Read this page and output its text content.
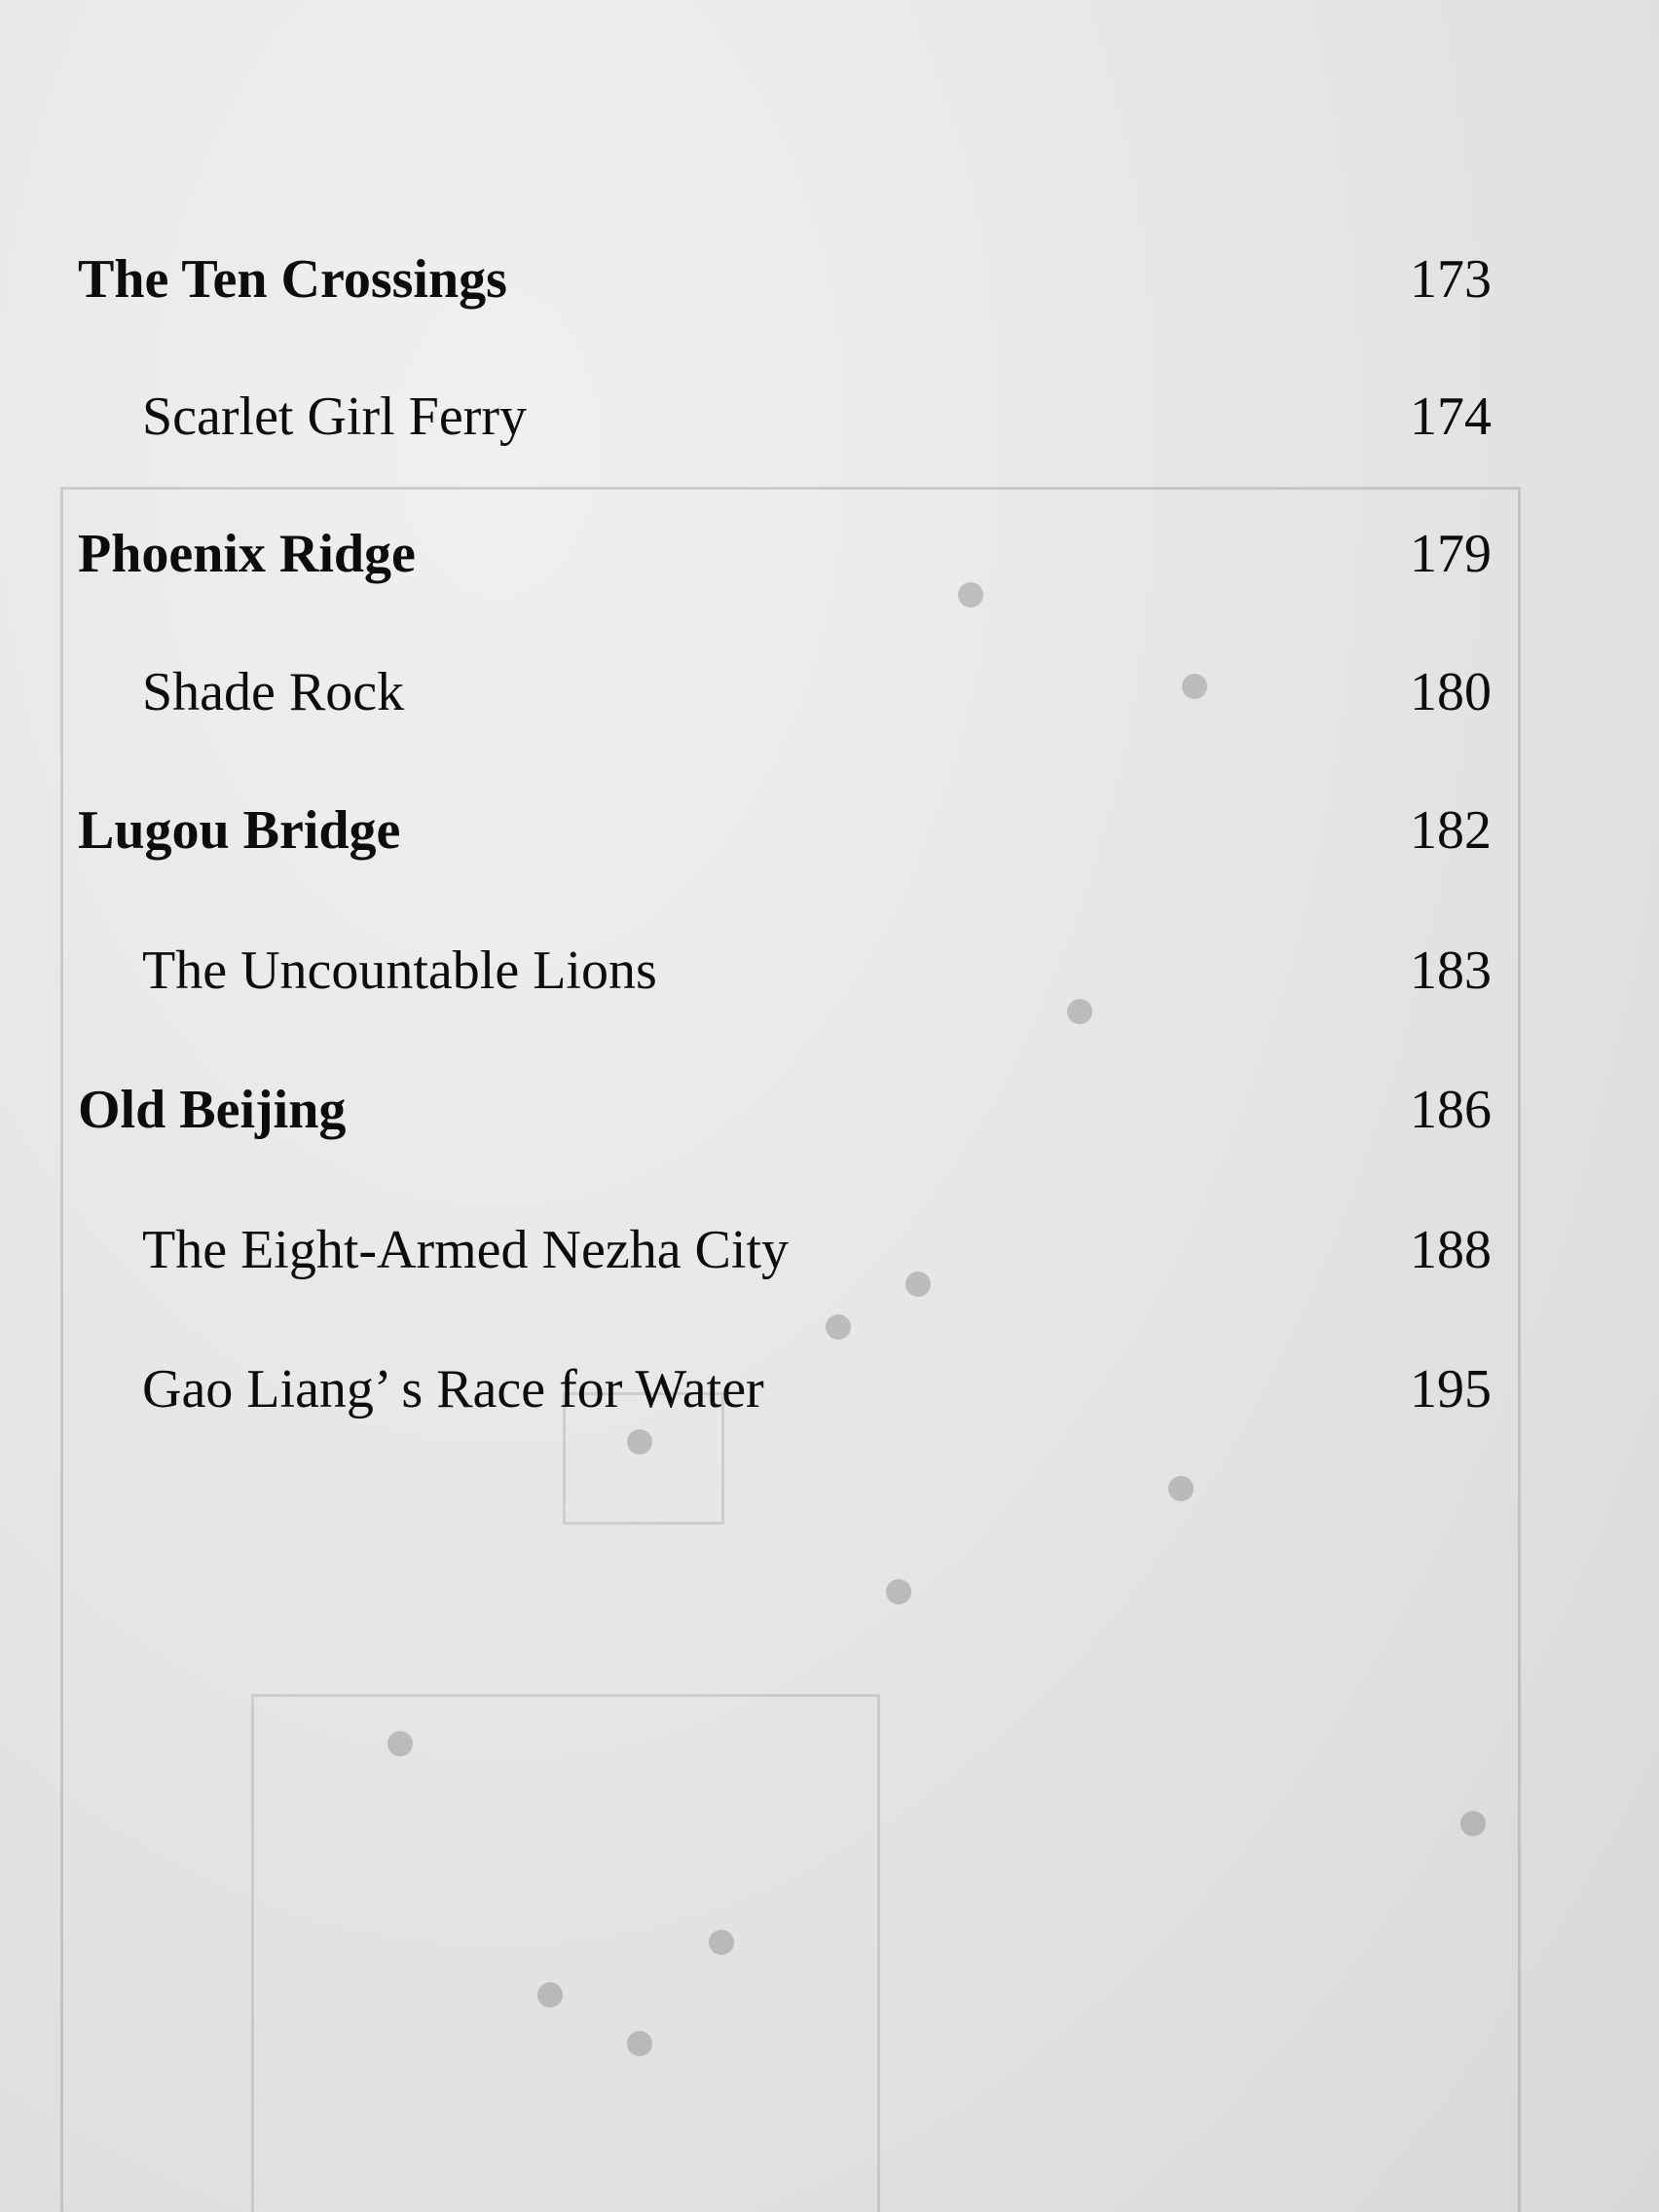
The Ten Crossings	173
Scarlet Girl Ferry	174
Phoenix Ridge	179
Shade Rock	180
Lugou Bridge	182
The Uncountable Lions	183
Old Beijing	186
The Eight-Armed Nezha City	188
Gao Liang’ s Race for Water	195
